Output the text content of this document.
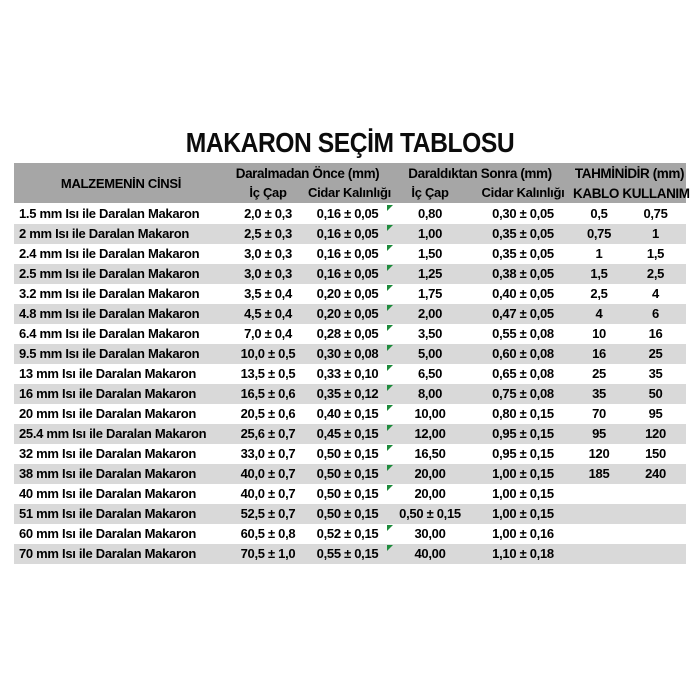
MAKARON SEÇİM TABLOSU
MALZEMENİN CİNSİ
Daralmadan Önce (mm)
İç Çap	Cidar Kalınlığı
Daraldıktan Sonra (mm)
İç Çap	Cidar Kalınlığı
TAHMİNİDİR (mm)
KABLO KULLANIM
1.5 mm Isı ile Daralan Makaron	2,0 ± 0,3	0,16 ± 0,05	0,80	0,30 ± 0,05	0,5	0,75
2 mm Isı ile Daralan Makaron	2,5 ± 0,3	0,16 ± 0,05	1,00	0,35 ± 0,05	0,75	1
2.4 mm Isı ile Daralan Makaron	3,0 ± 0,3	0,16 ± 0,05	1,50	0,35 ± 0,05	1	1,5
2.5 mm Isı ile Daralan Makaron	3,0 ± 0,3	0,16 ± 0,05	1,25	0,38 ± 0,05	1,5	2,5
3.2 mm Isı ile Daralan Makaron	3,5 ± 0,4	0,20 ± 0,05	1,75	0,40 ± 0,05	2,5	4
4.8 mm Isı ile Daralan Makaron	4,5 ± 0,4	0,20 ± 0,05	2,00	0,47 ± 0,05	4	6
6.4 mm Isı ile Daralan Makaron	7,0 ± 0,4	0,28 ± 0,05	3,50	0,55 ± 0,08	10	16
9.5 mm Isı ile Daralan Makaron	10,0 ± 0,5	0,30 ± 0,08	5,00	0,60 ± 0,08	16	25
13 mm Isı ile Daralan Makaron	13,5 ± 0,5	0,33 ± 0,10	6,50	0,65 ± 0,08	25	35
16 mm Isı ile Daralan Makaron	16,5 ± 0,6	0,35 ± 0,12	8,00	0,75 ± 0,08	35	50
20 mm Isı ile Daralan Makaron	20,5 ± 0,6	0,40 ± 0,15	10,00	0,80 ± 0,15	70	95
25.4 mm Isı ile Daralan Makaron	25,6 ± 0,7	0,45 ± 0,15	12,00	0,95 ± 0,15	95	120
32 mm Isı ile Daralan Makaron	33,0 ± 0,7	0,50 ± 0,15	16,50	0,95 ± 0,15	120	150
38 mm Isı ile Daralan Makaron	40,0 ± 0,7	0,50 ± 0,15	20,00	1,00 ± 0,15	185	240
40 mm Isı ile Daralan Makaron	40,0 ± 0,7	0,50 ± 0,15	20,00	1,00 ± 0,15
51 mm Isı ile Daralan Makaron	52,5 ± 0,7	0,50 ± 0,15	0,50 ± 0,15	1,00 ± 0,15
60 mm Isı ile Daralan Makaron	60,5 ± 0,8	0,52 ± 0,15	30,00	1,00 ± 0,16
70 mm Isı ile Daralan Makaron	70,5 ± 1,0	0,55 ± 0,15	40,00	1,10 ± 0,18
